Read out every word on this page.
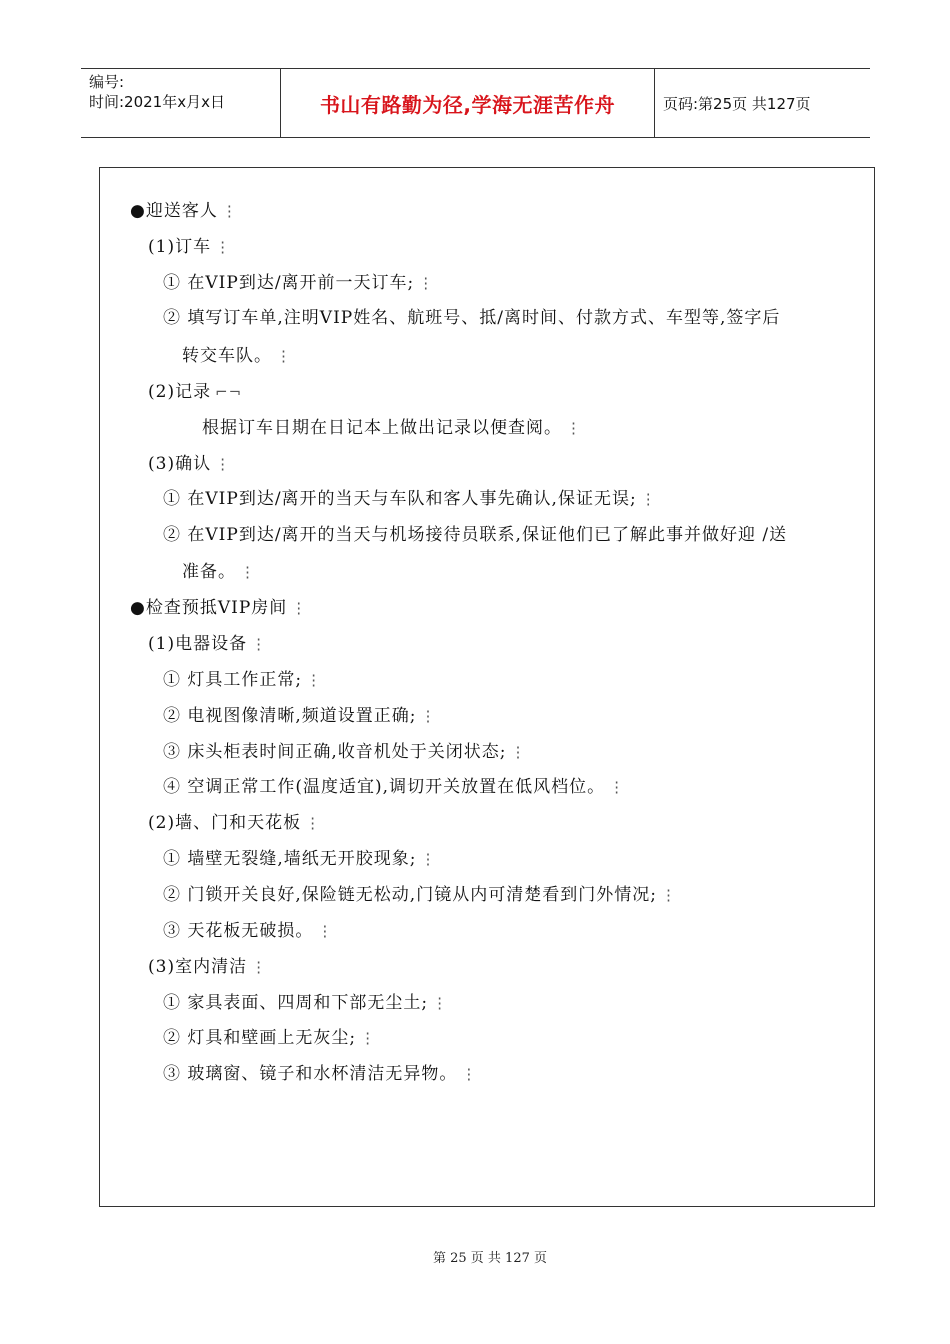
编号:
时间:2021年x月x日	书山有路勤为径,学海无涯苦作舟	页码:第25页 共127页
●迎送客人 ⋮
(1)订车 ⋮
① 在VIP到达/离开前一天订车; ⋮
② 填写订车单,注明VIP姓名、航班号、抵/离时间、付款方式、车型等,签字后
转交车队。 ⋮
(2)记录 ⌐¬
根据订车日期在日记本上做出记录以便查阅。 ⋮
(3)确认 ⋮
① 在VIP到达/离开的当天与车队和客人事先确认,保证无误; ⋮
② 在VIP到达/离开的当天与机场接待员联系,保证他们已了解此事并做好迎 /送
准备。 ⋮
●检查预抵VIP房间 ⋮
(1)电器设备 ⋮
① 灯具工作正常; ⋮
② 电视图像清晰,频道设置正确; ⋮
③ 床头柜表时间正确,收音机处于关闭状态; ⋮
④ 空调正常工作(温度适宜),调切开关放置在低风档位。 ⋮
(2)墙、门和天花板 ⋮
① 墙壁无裂缝,墙纸无开胶现象; ⋮
② 门锁开关良好,保险链无松动,门镜从内可清楚看到门外情况; ⋮
③ 天花板无破损。 ⋮
(3)室内清洁 ⋮
① 家具表面、四周和下部无尘土; ⋮
② 灯具和壁画上无灰尘; ⋮
③ 玻璃窗、镜子和水杯清洁无异物。 ⋮
第 25 页 共 127 页
